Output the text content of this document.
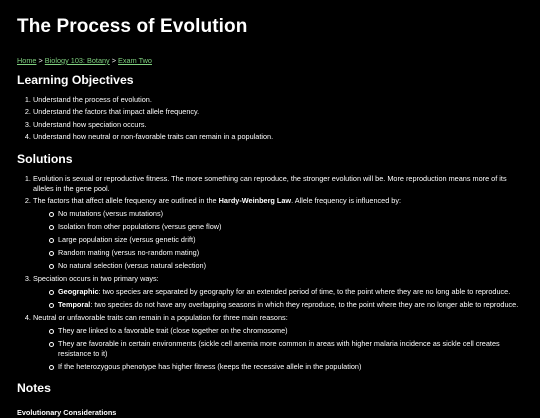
The Process of Evolution
Home > Biology 103: Botany > Exam Two
Learning Objectives
1. Understand the process of evolution.
2. Understand the factors that impact allele frequency.
3. Understand how speciation occurs.
4. Understand how neutral or non-favorable traits can remain in a population.
Solutions
1. Evolution is sexual or reproductive fitness. The more something can reproduce, the stronger evolution will be. More reproduction means more of its alleles in the gene pool.
2. The factors that affect allele frequency are outlined in the Hardy-Weinberg Law. Allele frequency is influenced by:
No mutations (versus mutations)
Isolation from other populations (versus gene flow)
Large population size (versus genetic drift)
Random mating (versus no-random mating)
No natural selection (versus natural selection)
3. Speciation occurs in two primary ways:
Geographic: two species are separated by geography for an extended period of time, to the point where they are no long able to reproduce.
Temporal: two species do not have any overlapping seasons in which they reproduce, to the point where they are no longer able to reproduce.
4. Neutral or unfavorable traits can remain in a population for three main reasons:
They are linked to a favorable trait (close together on the chromosome)
They are favorable in certain environments (sickle cell anemia more common in areas with higher malaria incidence as sickle cell creates resistance to it)
If the heterozygous phenotype has higher fitness (keeps the recessive allele in the population)
Notes
Evolutionary Considerations
